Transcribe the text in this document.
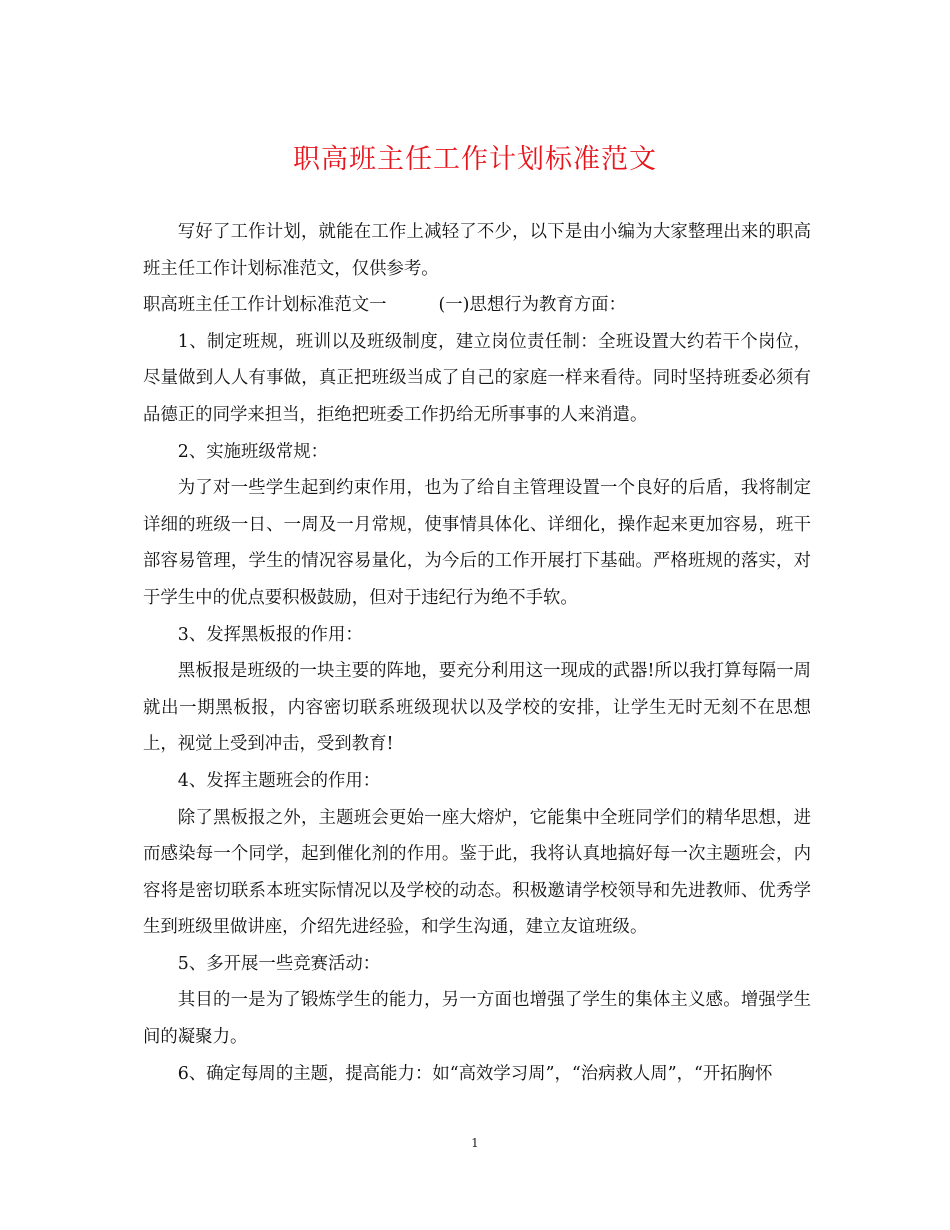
职高班主任工作计划标准范文

写好了工作计划，就能在工作上减轻了不少，以下是由小编为大家整理出来的职高班主任工作计划标准范文，仅供参考。

职高班主任工作计划标准范文一	(一)思想行为教育方面：

1、制定班规，班训以及班级制度，建立岗位责任制：全班设置大约若干个岗位，尽量做到人人有事做，真正把班级当成了自己的家庭一样来看待。同时坚持班委必须有品德正的同学来担当，拒绝把班委工作扔给无所事事的人来消遣。

2、实施班级常规：

为了对一些学生起到约束作用，也为了给自主管理设置一个良好的后盾，我将制定详细的班级一日、一周及一月常规，使事情具体化、详细化，操作起来更加容易，班干部容易管理，学生的情况容易量化，为今后的工作开展打下基础。严格班规的落实，对于学生中的优点要积极鼓励，但对于违纪行为绝不手软。

3、发挥黑板报的作用：

黑板报是班级的一块主要的阵地，要充分利用这一现成的武器!所以我打算每隔一周就出一期黑板报，内容密切联系班级现状以及学校的安排，让学生无时无刻不在思想上，视觉上受到冲击，受到教育!

4、发挥主题班会的作用：

除了黑板报之外，主题班会更始一座大熔炉，它能集中全班同学们的精华思想，进而感染每一个同学，起到催化剂的作用。鉴于此，我将认真地搞好每一次主题班会，内容将是密切联系本班实际情况以及学校的动态。积极邀请学校领导和先进教师、优秀学生到班级里做讲座，介绍先进经验，和学生沟通，建立友谊班级。

5、多开展一些竞赛活动：

其目的一是为了锻炼学生的能力，另一方面也增强了学生的集体主义感。增强学生间的凝聚力。

6、确定每周的主题，提高能力：如“高效学习周”，“治病救人周”，“开拓胸怀

1
